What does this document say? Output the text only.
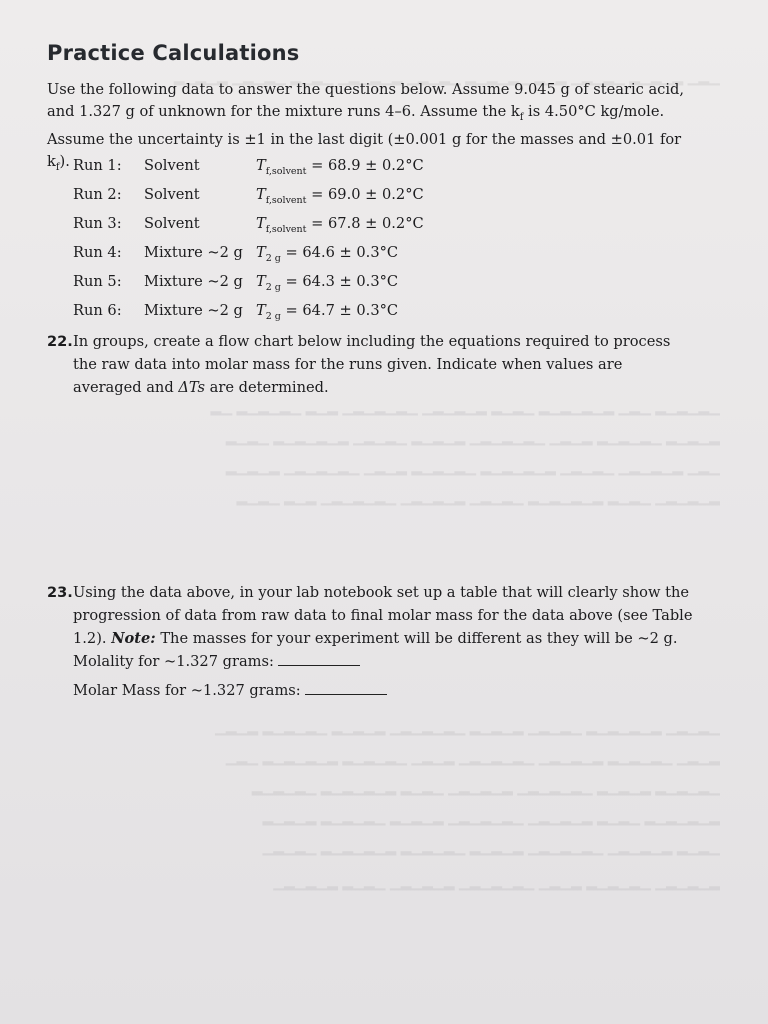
▁▂▁ ▂▁▂▁▂ ▁▂▁▂▁ ▂▁▂ ▁▂▁▂▁▂ ▁▂▁▂▁ ▂▁▂▁▂▁ ▁▂▁▂ ▁▂▁▂▁ ▂▁▂▁▂
▁▂▁▂▁▂ ▁▂▁ ▂▁▂▁▂▁▂ ▁▂▁▂ ▂▁▂▁▂▁ ▁▂▁▂▁▂▁ ▂▁▂ ▁▂▁▂▁▂ ▁▂
▂▁▂▁▂ ▁▂▁▂▁▂ ▂▁▂▁ ▁▂▁▂▁▂▁ ▂▁▂▁▂ ▁▂▁▂▁ ▂▁▂▁▂▁▂ ▁▂▁▂
▁▂▁ ▂▁▂▁▂▁ ▁▂▁▂▁ ▂▁▂▁▂▁▂ ▁▂▁▂▁▂ ▂▁▂▁ ▁▂▁▂▁▂▁ ▂▁▂▁▂
▂▁▂▁▂▁ ▁▂▁▂ ▂▁▂▁▂▁▂ ▁▂▁▂▁ ▂▁▂▁▂▁ ▁▂▁▂▁▂▁ ▂▁▂ ▁▂▁▂
▁▂▁▂▁ ▂▁▂▁▂▁▂ ▁▂▁▂▁ ▂▁▂▁▂ ▁▂▁▂▁▂▁ ▂▁▂▁▂ ▁▂▁▂▁▂ ▂▁▂▁
▂▁▂▁ ▁▂▁▂▁▂ ▂▁▂▁▂▁ ▁▂▁▂▁▂▁ ▂▁▂▁ ▁▂▁▂▁▂ ▂▁▂▁▂▁▂ ▁▂▁
▁▂▁▂▁▂ ▂▁▂▁▂ ▁▂▁▂▁▂▁ ▂▁▂▁▂▁ ▁▂▁▂ ▂▁▂▁▂▁▂ ▁▂▁▂▁▂
▂▁▂▁▂▁▂ ▁▂▁▂ ▂▁▂▁▂▁ ▁▂▁▂▁▂▁ ▂▁▂▁▂ ▁▂▁▂▁▂ ▂▁▂▁▂
▁▂▁▂ ▂▁▂▁▂▁ ▁▂▁▂▁▂▁ ▂▁▂▁▂ ▁▂▁▂▁▂ ▂▁▂▁▂▁▂ ▁▂▁▂▁
▂▁▂▁▂▁ ▁▂▁▂▁▂ ▂▁▂▁ ▁▂▁▂▁▂▁ ▂▁▂▁▂▁ ▁▂▁▂ ▂▁▂▁▂▁
Practice Calculations
Use the following data to answer the questions below. Assume 9.045 g of stearic acid, and 1.327 g of unknown for the mixture runs 4–6. Assume the $k_f$ is 4.50°C kg/mole. Assume the uncertainty is ±1 in the last digit (±0.001 g for the masses and ±0.01 for $k_f$). Run 1: Solvent	$T_{f,solvent} = 68.9 \pm 0.2^\circ C$
Run 2: Solvent	$T_{f,solvent} = 69.0 \pm 0.2^\circ C$
Run 3: Solvent	$T_{f,solvent} = 67.8 \pm 0.2^\circ C$
Run 4: Mixture ~2 g $T_{2 g} = 64.6 \pm 0.3^\circ C$
Run 5: Mixture ~2 g $T_{2 g} = 64.3 \pm 0.3^\circ C$
Run 6: Mixture ~2 g $T_{2 g} = 64.7 \pm 0.3^\circ C$
22. In groups, create a flow chart below including the equations required to process the raw data into molar mass for the runs given. Indicate when values are averaged and ΔTs are determined.
23. Using the data above, in your lab notebook set up a table that will clearly show the progression of data from raw data to final molar mass for the data above (see Table 1.2). Note: The masses for your experiment will be different as they will be ~2 g.
Molality for ~1.327 grams:
Molar Mass for ~1.327 grams:
